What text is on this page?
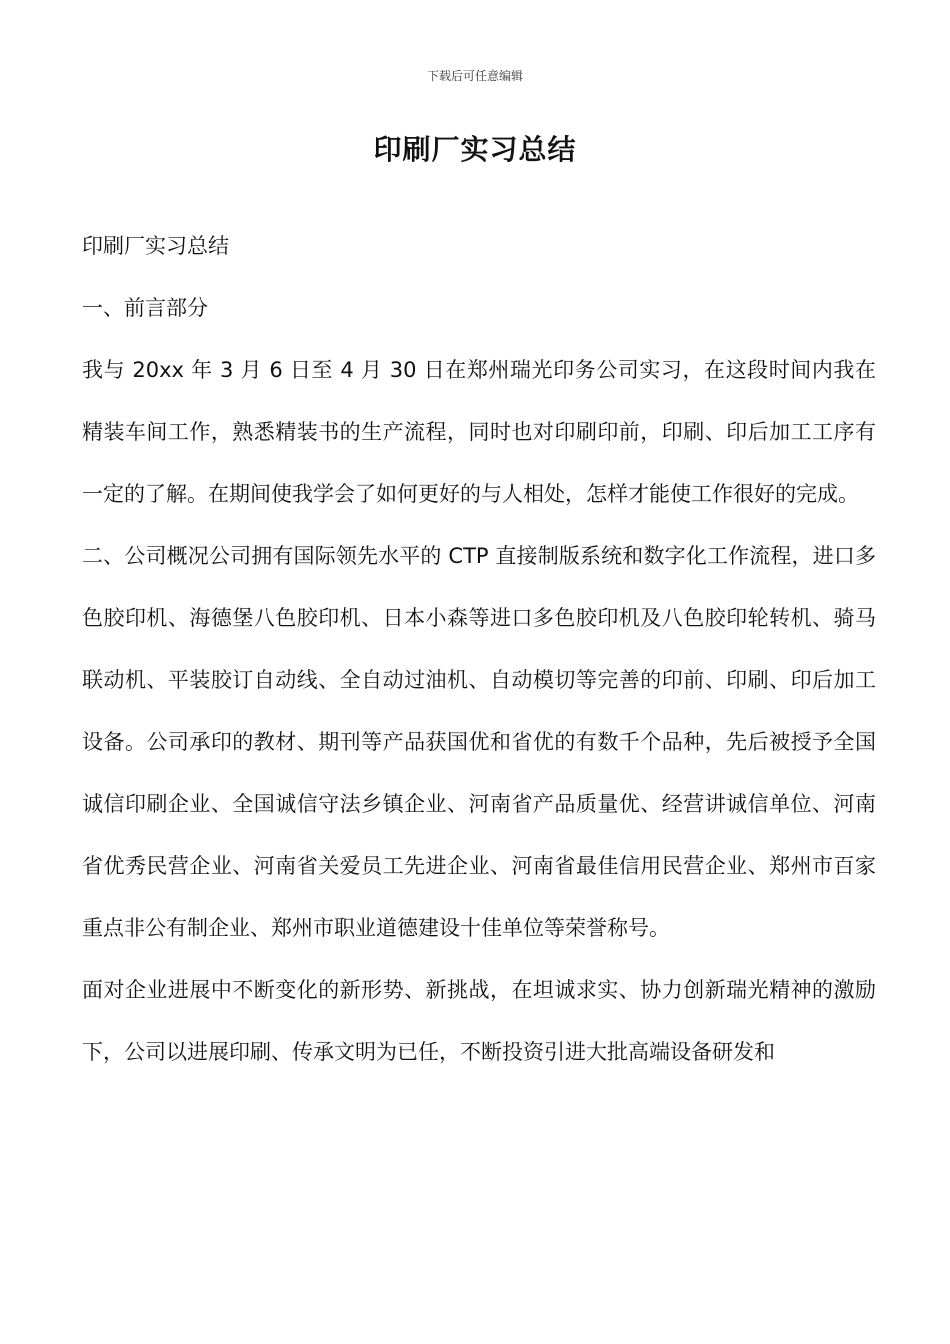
下载后可任意编辑
印刷厂实习总结

印刷厂实习总结

一、前言部分

我与 20xx 年 3 月 6 日至 4 月 30 日在郑州瑞光印务公司实习，在这段时间内我在精装车间工作，熟悉精装书的生产流程，同时也对印刷印前，印刷、印后加工工序有一定的了解。在期间使我学会了如何更好的与人相处，怎样才能使工作很好的完成。

二、公司概况公司拥有国际领先水平的 CTP 直接制版系统和数字化工作流程，进口多色胶印机、海德堡八色胶印机、日本小森等进口多色胶印机及八色胶印轮转机、骑马联动机、平装胶订自动线、全自动过油机、自动模切等完善的印前、印刷、印后加工设备。公司承印的教材、期刊等产品获国优和省优的有数千个品种，先后被授予全国诚信印刷企业、全国诚信守法乡镇企业、河南省产品质量优、经营讲诚信单位、河南省优秀民营企业、河南省关爱员工先进企业、河南省最佳信用民营企业、郑州市百家重点非公有制企业、郑州市职业道德建设十佳单位等荣誉称号。

面对企业进展中不断变化的新形势、新挑战，在坦诚求实、协力创新瑞光精神的激励下，公司以进展印刷、传承文明为已任，不断投资引进大批高端设备研发和
